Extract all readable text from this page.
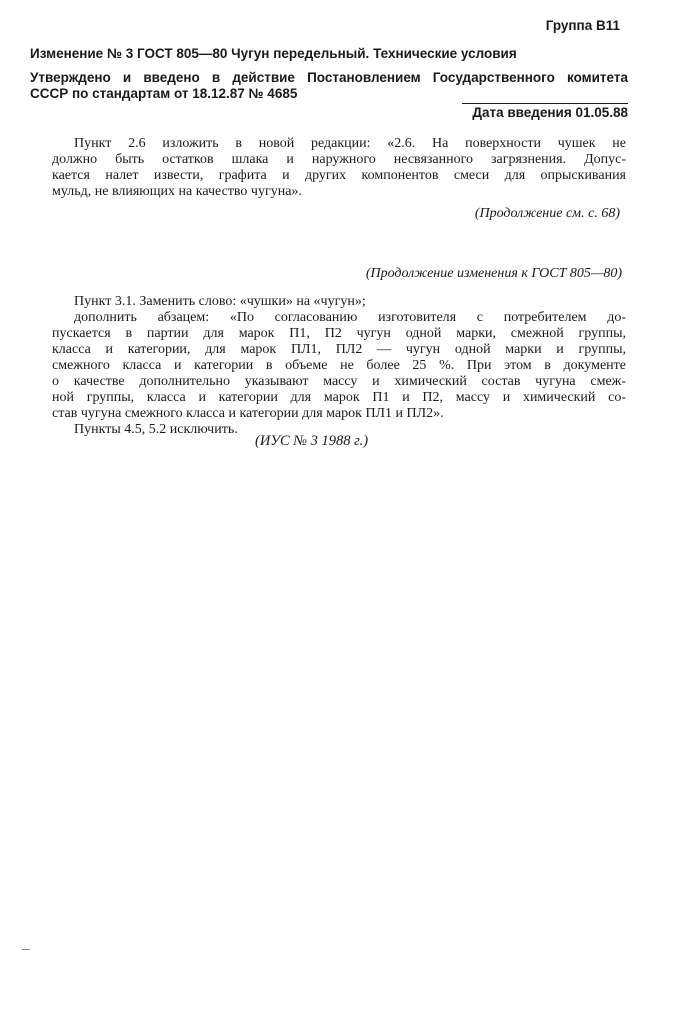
Группа В11
Изменение № 3 ГОСТ 805—80 Чугун передельный. Технические условия
Утверждено и введено в действие Постановлением Государственного комитета
СССР по стандартам от 18.12.87 № 4685
Дата введения 01.05.88
Пункт 2.6 изложить в новой редакции: «2.6. На поверхности чушек не
должно быть остатков шлака и наружного несвязанного загрязнения. Допус-
кается налет извести, графита и других компонентов смеси для опрыскивания
мульд, не влияющих на качество чугуна».
(Продолжение см. с. 68)
(Продолжение изменения к ГОСТ 805—80)
Пункт 3.1. Заменить слово: «чушки» на «чугун»;
дополнить абзацем: «По согласованию изготовителя с потребителем до-
пускается в партии для марок П1, П2 чугун одной марки, смежной группы,
класса и категории, для марок ПЛ1, ПЛ2 — чугун одной марки и группы,
смежного класса и категории в объеме не более 25 %. При этом в документе
о качестве дополнительно указывают массу и химический состав чугуна смеж-
ной группы, класса и категории для марок П1 и П2, массу и химический со-
став чугуна смежного класса и категории для марок ПЛ1 и ПЛ2».
Пункты 4.5, 5.2 исключить.
(ИУС № 3 1988 г.)
